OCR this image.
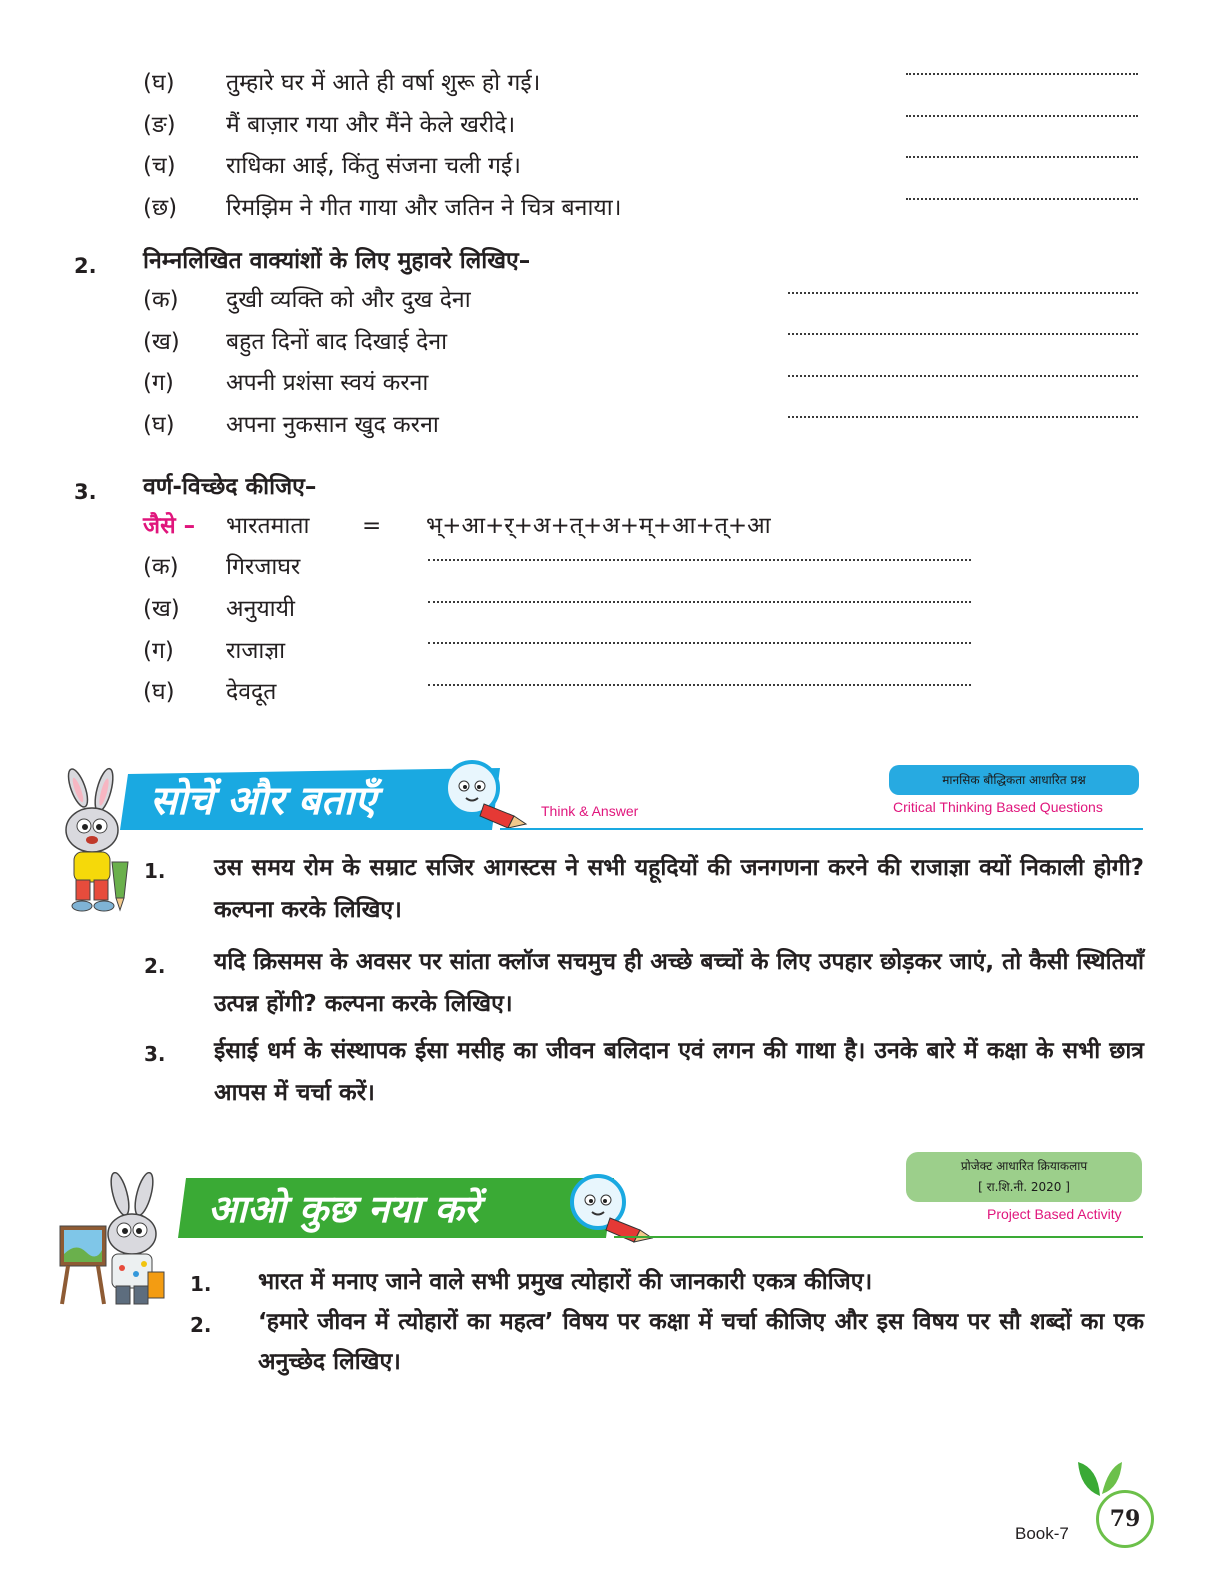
(घ) तुम्हारे घर में आते ही वर्षा शुरू हो गई।
(ङ) मैं बाज़ार गया और मैंने केले खरीदे।
(च) राधिका आई, किंतु संजना चली गई।
(छ) रिमझिम ने गीत गाया और जतिन ने चित्र बनाया।
2. निम्नलिखित वाक्यांशों के लिए मुहावरे लिखिए–
(क) दुखी व्यक्ति को और दुख देना
(ख) बहुत दिनों बाद दिखाई देना
(ग) अपनी प्रशंसा स्वयं करना
(घ) अपना नुकसान खुद करना
3. वर्ण-विच्छेद कीजिए–
जैसे – भारतमाता = भ्+आ+र्+अ+त्+अ+म्+आ+त्+आ
(क) गिरजाघर
(ख) अनुयायी
(ग) राजाज्ञा
(घ) देवदूत
सोचें और बताएँ	Think & Answer
मानसिक बौद्धिकता आधारित प्रश्न
Critical Thinking Based Questions
1. उस समय रोम के सम्राट सजिर आगस्टस ने सभी यहूदियों की जनगणना करने की राजाज्ञा क्यों निकाली होगी? कल्पना करके लिखिए।
2. यदि क्रिसमस के अवसर पर सांता क्लॉज सचमुच ही अच्छे बच्चों के लिए उपहार छोड़कर जाएं, तो कैसी स्थितियाँ उत्पन्न होंगी? कल्पना करके लिखिए।
3. ईसाई धर्म के संस्थापक ईसा मसीह का जीवन बलिदान एवं लगन की गाथा है। उनके बारे में कक्षा के सभी छात्र आपस में चर्चा करें।
आओ कुछ नया करें
प्रोजेक्ट आधारित क्रियाकलाप
[ रा.शि.नी. 2020 ]
Project Based Activity
1. भारत में मनाए जाने वाले सभी प्रमुख त्योहारों की जानकारी एकत्र कीजिए।
2. ‘हमारे जीवन में त्योहारों का महत्व’ विषय पर कक्षा में चर्चा कीजिए और इस विषय पर सौ शब्दों का एक अनुच्छेद लिखिए।
Book-7
79
